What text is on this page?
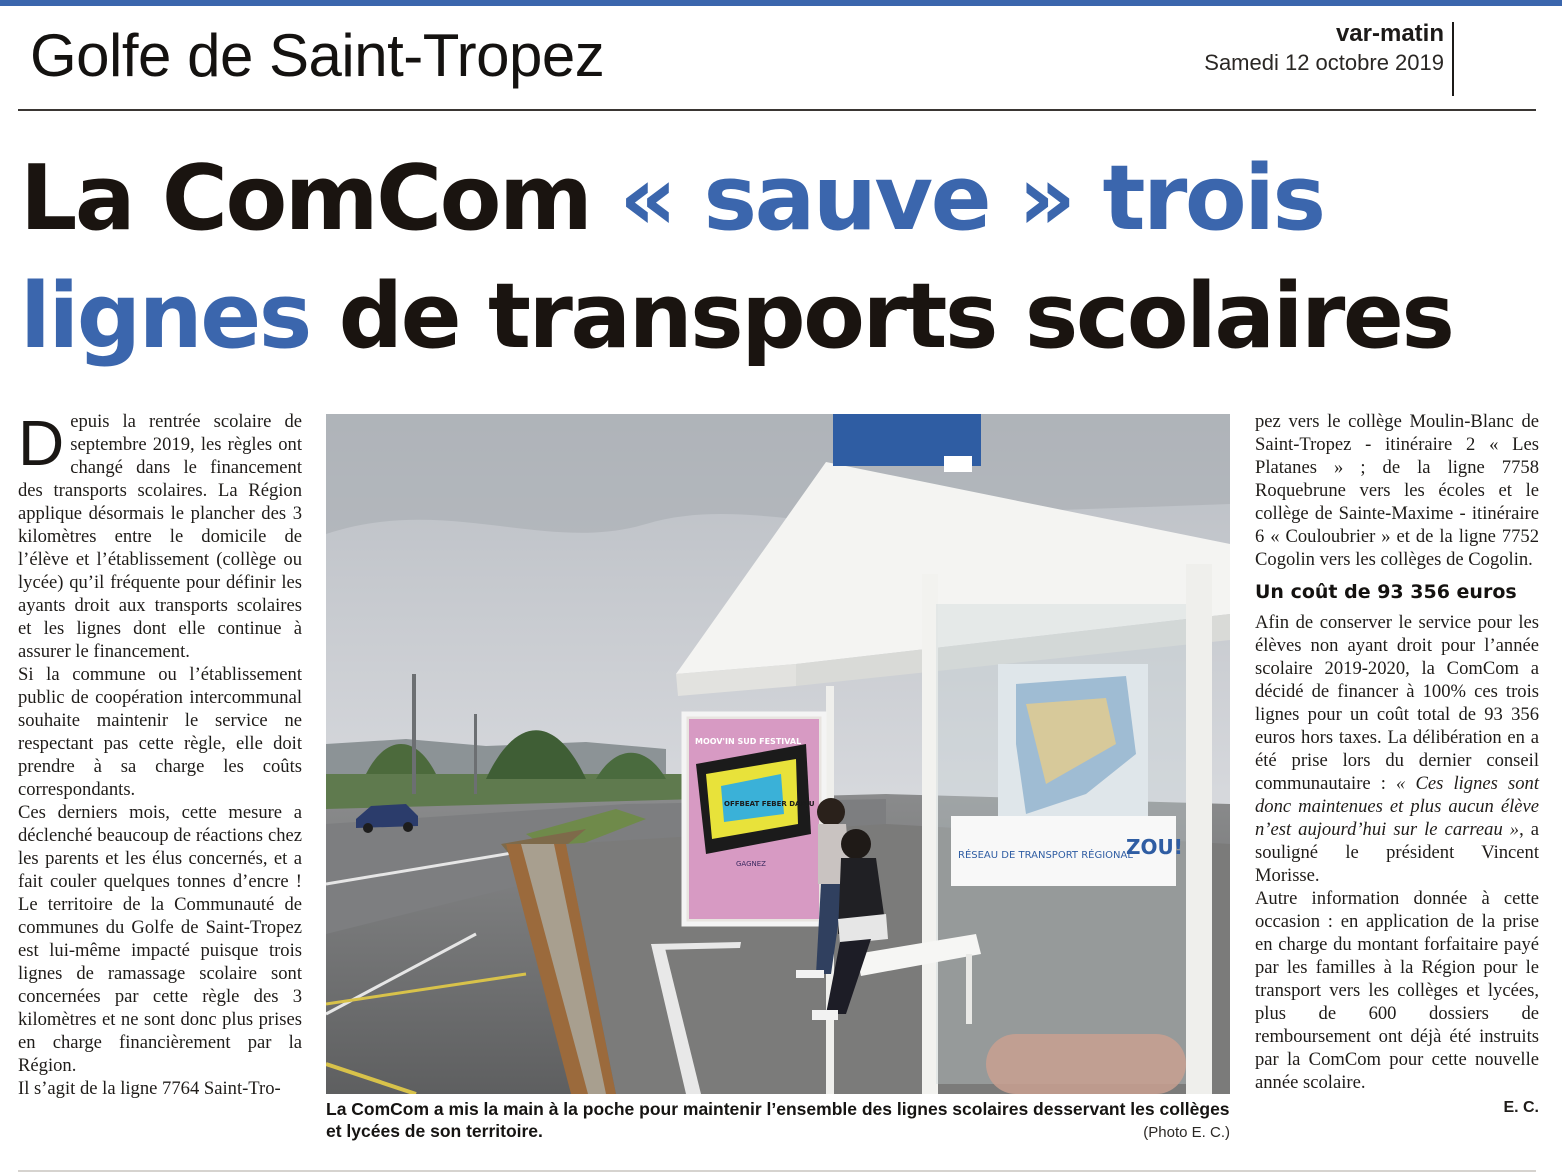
Golfe de Saint-Tropez	var-matin
Samedi 12 octobre 2019
La ComCom « sauve » trois
lignes de transports scolaires

Depuis la rentrée scolaire de septembre 2019, les règles ont changé dans le financement des transports scolaires. La Région applique désormais le plancher des 3 kilomètres entre le domicile de l’élève et l’établissement (collège ou lycée) qu’il fréquente pour définir les ayants droit aux transports scolaires et les lignes dont elle continue à assurer le financement.

Si la commune ou l’établissement public de coopération intercommunal souhaite maintenir le service ne respectant pas cette règle, elle doit prendre à sa charge les coûts correspondants.

Ces derniers mois, cette mesure a déclenché beaucoup de réactions chez les parents et les élus concernés, et a fait couler quelques tonnes d’encre ! Le territoire de la Communauté de communes du Golfe de Saint-Tropez est lui-même impacté puisque trois lignes de ramassage scolaire sont concernées par cette règle des 3 kilomètres et ne sont donc plus prises en charge financièrement par la Région.

Il s’agit de la ligne 7764 Saint-Tro-

RÉSEAU DE TRANSPORT RÉGIONAL
ZOU!
MOOV'IN SUD FESTIVAL
OFFBEAT FEBER DADJU
GAGNEZ
La ComCom a mis la main à la poche pour maintenir l’ensemble des lignes scolaires desservant les collèges et lycées de son territoire.	(Photo E. C.)

pez vers le collège Moulin-Blanc de Saint-Tropez - itinéraire 2 « Les Platanes » ; de la ligne 7758 Roquebrune vers les écoles et le collège de Sainte-Maxime - itinéraire 6 « Couloubrier » et de la ligne 7752 Cogolin vers les collèges de Cogolin.

Un coût de 93 356 euros

Afin de conserver le service pour les élèves non ayant droit pour l’année scolaire 2019-2020, la ComCom a décidé de financer à 100% ces trois lignes pour un coût total de 93 356 euros hors taxes. La délibération en a été prise lors du dernier conseil communautaire : « Ces lignes sont donc maintenues et plus aucun élève n’est aujourd’hui sur le carreau », a souligné le président Vincent Morisse.

Autre information donnée à cette occasion : en application de la prise en charge du montant forfaitaire payé par les familles à la Région pour le transport vers les collèges et lycées, plus de 600 dossiers de remboursement ont déjà été instruits par la ComCom pour cette nouvelle année scolaire.

E. C.
